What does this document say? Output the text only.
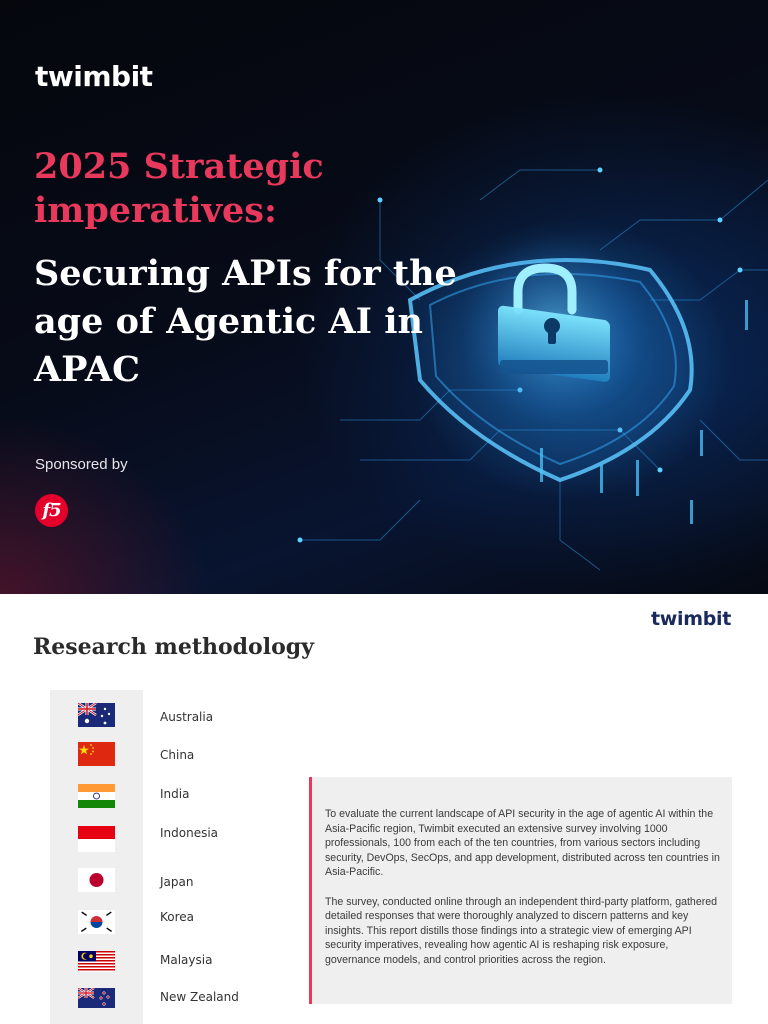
twimbit
2025 Strategic imperatives:
Securing APIs for the age of Agentic AI in APAC
Sponsored by
f5
twimbit
Research methodology
Australia
China
India
Indonesia
Japan
Korea
Malaysia
New Zealand

To evaluate the current landscape of API security in the age of agentic AI within the Asia-Pacific region, Twimbit executed an extensive survey involving 1000 professionals, 100 from each of the ten countries, from various sectors including security, DevOps, SecOps, and app development, distributed across ten countries in Asia-Pacific.

The survey, conducted online through an independent third-party platform, gathered detailed responses that were thoroughly analyzed to discern patterns and key insights. This report distills those findings into a strategic view of emerging API security imperatives, revealing how agentic AI is reshaping risk exposure, governance models, and control priorities across the region.
